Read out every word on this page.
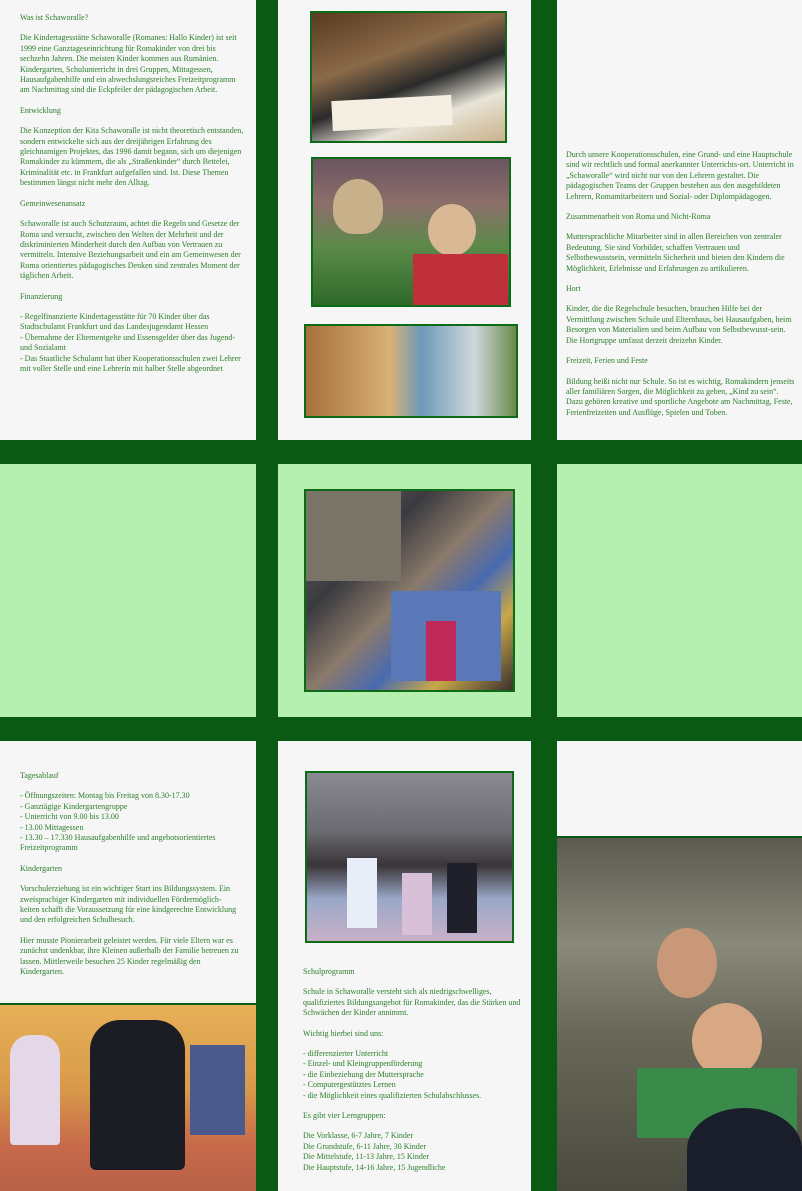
Was ist Schaworalle?

Die Kindertagesstätte Schaworalle (Romanes: Hallo Kinder) ist seit 1999 eine Ganztageseinrichtung für Romakinder von drei bis sechzehn Jahren. Die meisten Kinder kommen aus Rumänien. Kindergarten, Schulunterricht in drei Gruppen, Mittagessen, Hausaufgabenhilfe und ein abwechslungsreiches Freizeitprogramm am Nachmittag sind die Eckpfeiler der pädagogischen Arbeit.

Entwicklung

Die Konzeption der Kita Schaworalle ist nicht theoretisch entstanden, sondern entwickelte sich aus der dreijährigen Erfahrung des gleichnamigen Projektes, das 1996 damit begann, sich um diejenigen Romakinder zu kümmern, die als „Straßenkinder“ durch Bettelei, Kriminalität etc. in Frankfurt aufgefallen sind. Ist. Diese Themen bestimmen längst nicht mehr den Alltag.

Gemeinwesenansatz

Schaworalle ist auch Schutzraum, achtet die Regeln und Gesetze der Roma und versucht, zwischen den Welten der Mehrheit und der diskriminierten Minderheit durch den Aufbau von Vertrauen zu vermitteln. Intensive Beziehungsarbeit und ein am Gemeinwesen der Roma orientiertes pädagogisches Denken sind zentrales Moment der täglichen Arbeit.

Finanzierung

- Regelfinanzierte Kindertagesstätte für 70 Kinder über das Stadtschulamt Frankfurt und das Landesjugendamt Hessen
- Übernahme der Elternentgelte und Essensgelder über das Jugend- und Sozialamt
- Das Staatliche Schulamt hat über Kooperationsschulen zwei Lehrer mit voller Stelle und eine Lehrerin mit halber Stelle abgeordnet

Durch unsere Kooperationsschulen, eine Grund- und eine Hauptschule sind wir rechtlich und formal anerkannter Unterrichts-ort. Unterricht in „Schaworalle“ wird nicht nur von den Lehrern gestaltet. Die pädagogischen Teams der Gruppen bestehen aus den ausgebildeten Lehrern, Romamitarbeitern und Sozial- oder Diplompädagogen.

Zusammenarbeit von Roma und Nicht-Roma

Muttersprachliche Mitarbeiter sind in allen Bereichen von zentraler Bedeutung. Sie sind Vorbilder, schaffen Vertrauen und Selbstbewusstsein, vermitteln Sicherheit und bieten den Kindern die Möglichkeit, Erlebnisse und Erfahrungen zu artikulieren.

Hort

Kinder, die die Regelschule besuchen, brauchen Hilfe bei der Vermittlung zwischen Schule und Elternhaus, bei Hausaufgaben, beim Besorgen von Materialien und beim Aufbau von Selbstbewusst-sein. Die Hortgruppe umfasst derzeit dreizehn Kinder.

Freizeit, Ferien und Feste

Bildung heißt nicht nur Schule. So ist es wichtig, Romakindern jenseits aller familiären Sorgen, die Möglichkeit zu geben, „Kind zu sein“. Dazu gehören kreative und sportliche Angebote am Nachmittag, Feste, Ferienfreizeiten und Ausflüge, Spielen und Toben.

Tagesablauf

- Öffnungszeiten: Montag bis Freitag von 8.30-17.30
- Ganztägige Kindergartengruppe
- Unterricht von 9.00 bis 13.00
- 13.00 Mittagessen
- 13.30 – 17.330 Hausaufgabenhilfe und angebotsorientiertes Freizeitprogramm

Kindergarten

Vorschulerziehung ist ein wichtiger Start ins Bildungssystem. Ein zweisprachiger Kindergarten mit individuellen Fördermöglich-keiten schafft die Voraussetzung für eine kindgerechte Entwicklung und den erfolgreichen Schulbesuch.

Hier musste Pionierarbeit geleistet werden. Für viele Eltern war es zunächst undenkbar, ihre Kleinen außerhalb der Familie betreuen zu lassen. Mittlerweile besuchen 25 Kinder regelmäßig den Kindergarten.	Schulprogramm

Schule in Schaworalle versteht sich als niedrigschwelliges, qualifiziertes Bildungsangebot für Romakinder, das die Stärken und Schwächen der Kinder annimmt.

Wichtig hierbei sind uns:

- differenzierter Unterricht
- Einzel- und Kleingruppenförderung
- die Einbeziehung der Muttersprache
- Computergestütztes Lernen
- die Möglichkeit eines qualifizierten Schulabschlusses.

Es gibt vier Lerngruppen:

Die Vorklasse, 6-7 Jahre, 7 Kinder
Die Grundstufe, 6-11 Jahre, 30 Kinder
Die Mittelstufe, 11-13 Jahre, 15 Kinder
Die Hauptstufe, 14-16 Jahre, 15 Jugendliche
